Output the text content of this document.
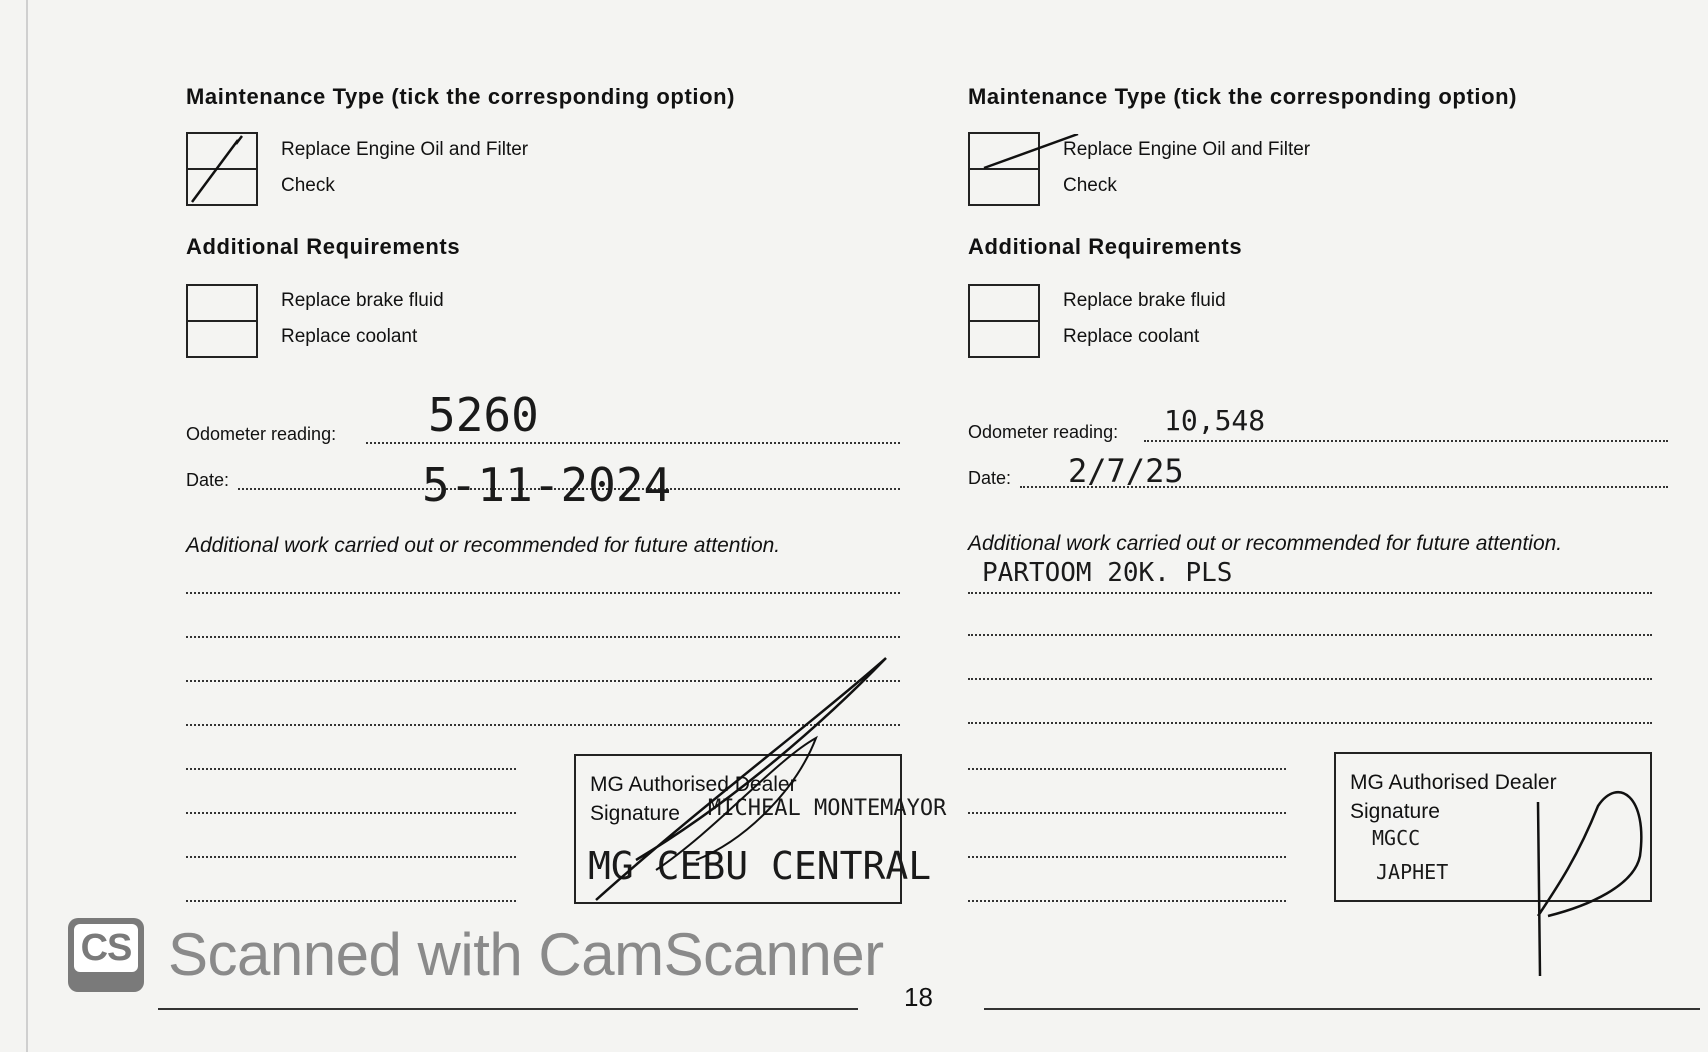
Maintenance Type (tick the corresponding option)
Replace Engine Oil and Filter
Check
Additional Requirements
Replace brake fluid
Replace coolant
Odometer reading: 5260
Date:	5-11-2024
Additional work carried out or recommended for future attention.
MG Authorised Dealer
Signature MICHEAL MONTEMAYOR
MG CEBU CENTRAL
Maintenance Type (tick the corresponding option)
Replace Engine Oil and Filter
Check
Additional Requirements
Replace brake fluid
Replace coolant
Odometer reading: 10,548
Date: 2/7/25
Additional work carried out or recommended for future attention.
PARTOOM 20K. PLS
MG Authorised Dealer
Signature
MGCC
JAPHET
CS Scanned with CamScanner
18
